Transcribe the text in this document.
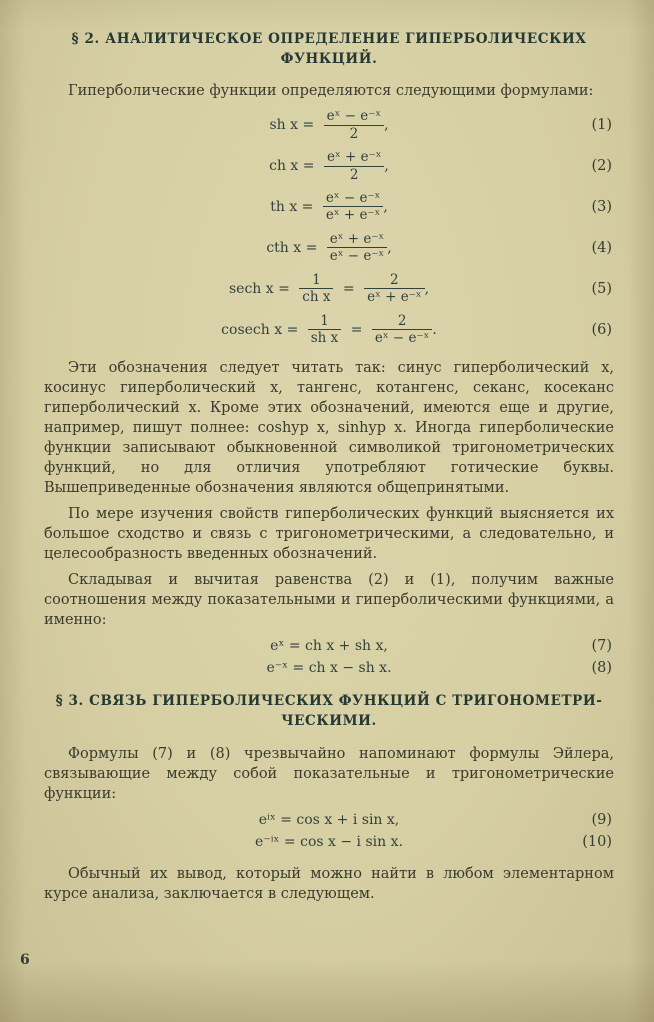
§ 2. АНАЛИТИЧЕСКОЕ ОПРЕДЕЛЕНИЕ ГИПЕРБОЛИЧЕСКИХ
ФУНКЦИЙ.

Гиперболические функции определяются следующими формулами:

sh $x = \frac{\text{eˣ − e⁻ˣ}}{2}$ ,	(1)
ch $x = \frac{\text{eˣ + e⁻ˣ}}{2}$ ,	(2)
th $x = \frac{\text{eˣ − e⁻ˣ}}{\text{eˣ + e⁻ˣ}}$ ,	(3)
cth $x = \frac{\text{eˣ + e⁻ˣ}}{\text{eˣ − e⁻ˣ}}$ ,	(4)
sech $x = \frac{1}{\text{ch x}} = \frac{2}{\text{eˣ + e⁻ˣ}}$ ,	(5)
cosech $x = \frac{1}{\text{sh x}} = \frac{2}{\text{eˣ − e⁻ˣ}}$ .	(6)

Эти обозначения следует читать так: синус гиперболический x, косинус гиперболический x, тангенс, котангенс, секанс, косеканс гиперболический x. Кроме этих обозначений, имеются еще и другие, например, пишут полнее: coshyp x, sinhyp x. Иногда гиперболические функции записывают обыкновенной символикой тригонометрических функций, но для отличия употребляют готические буквы. Вышеприведенные обозначения являются общепринятыми.

По мере изучения свойств гиперболических функций выясняется их большое сходство и связь с тригонометрическими, а следовательно, и целесообразность введенных обозначений.

Складывая и вычитая равенства (2) и (1), получим важные соотношения между показательными и гиперболическими функциями, а именно:

eˣ = ch x + sh x,	(7)
e⁻ˣ = ch x − sh x.	(8)
§ 3. СВЯЗЬ ГИПЕРБОЛИЧЕСКИХ ФУНКЦИЙ С ТРИГОНОМЕТРИ-
ЧЕСКИМИ.

Формулы (7) и (8) чрезвычайно напоминают формулы Эйлера, связывающие между собой показательные и тригонометрические функции:

eⁱˣ = cos x + i sin x,	(9)
e⁻ⁱˣ = cos x − i sin x.	(10)

Обычный их вывод, который можно найти в любом элементарном курсе анализа, заключается в следующем.

6
